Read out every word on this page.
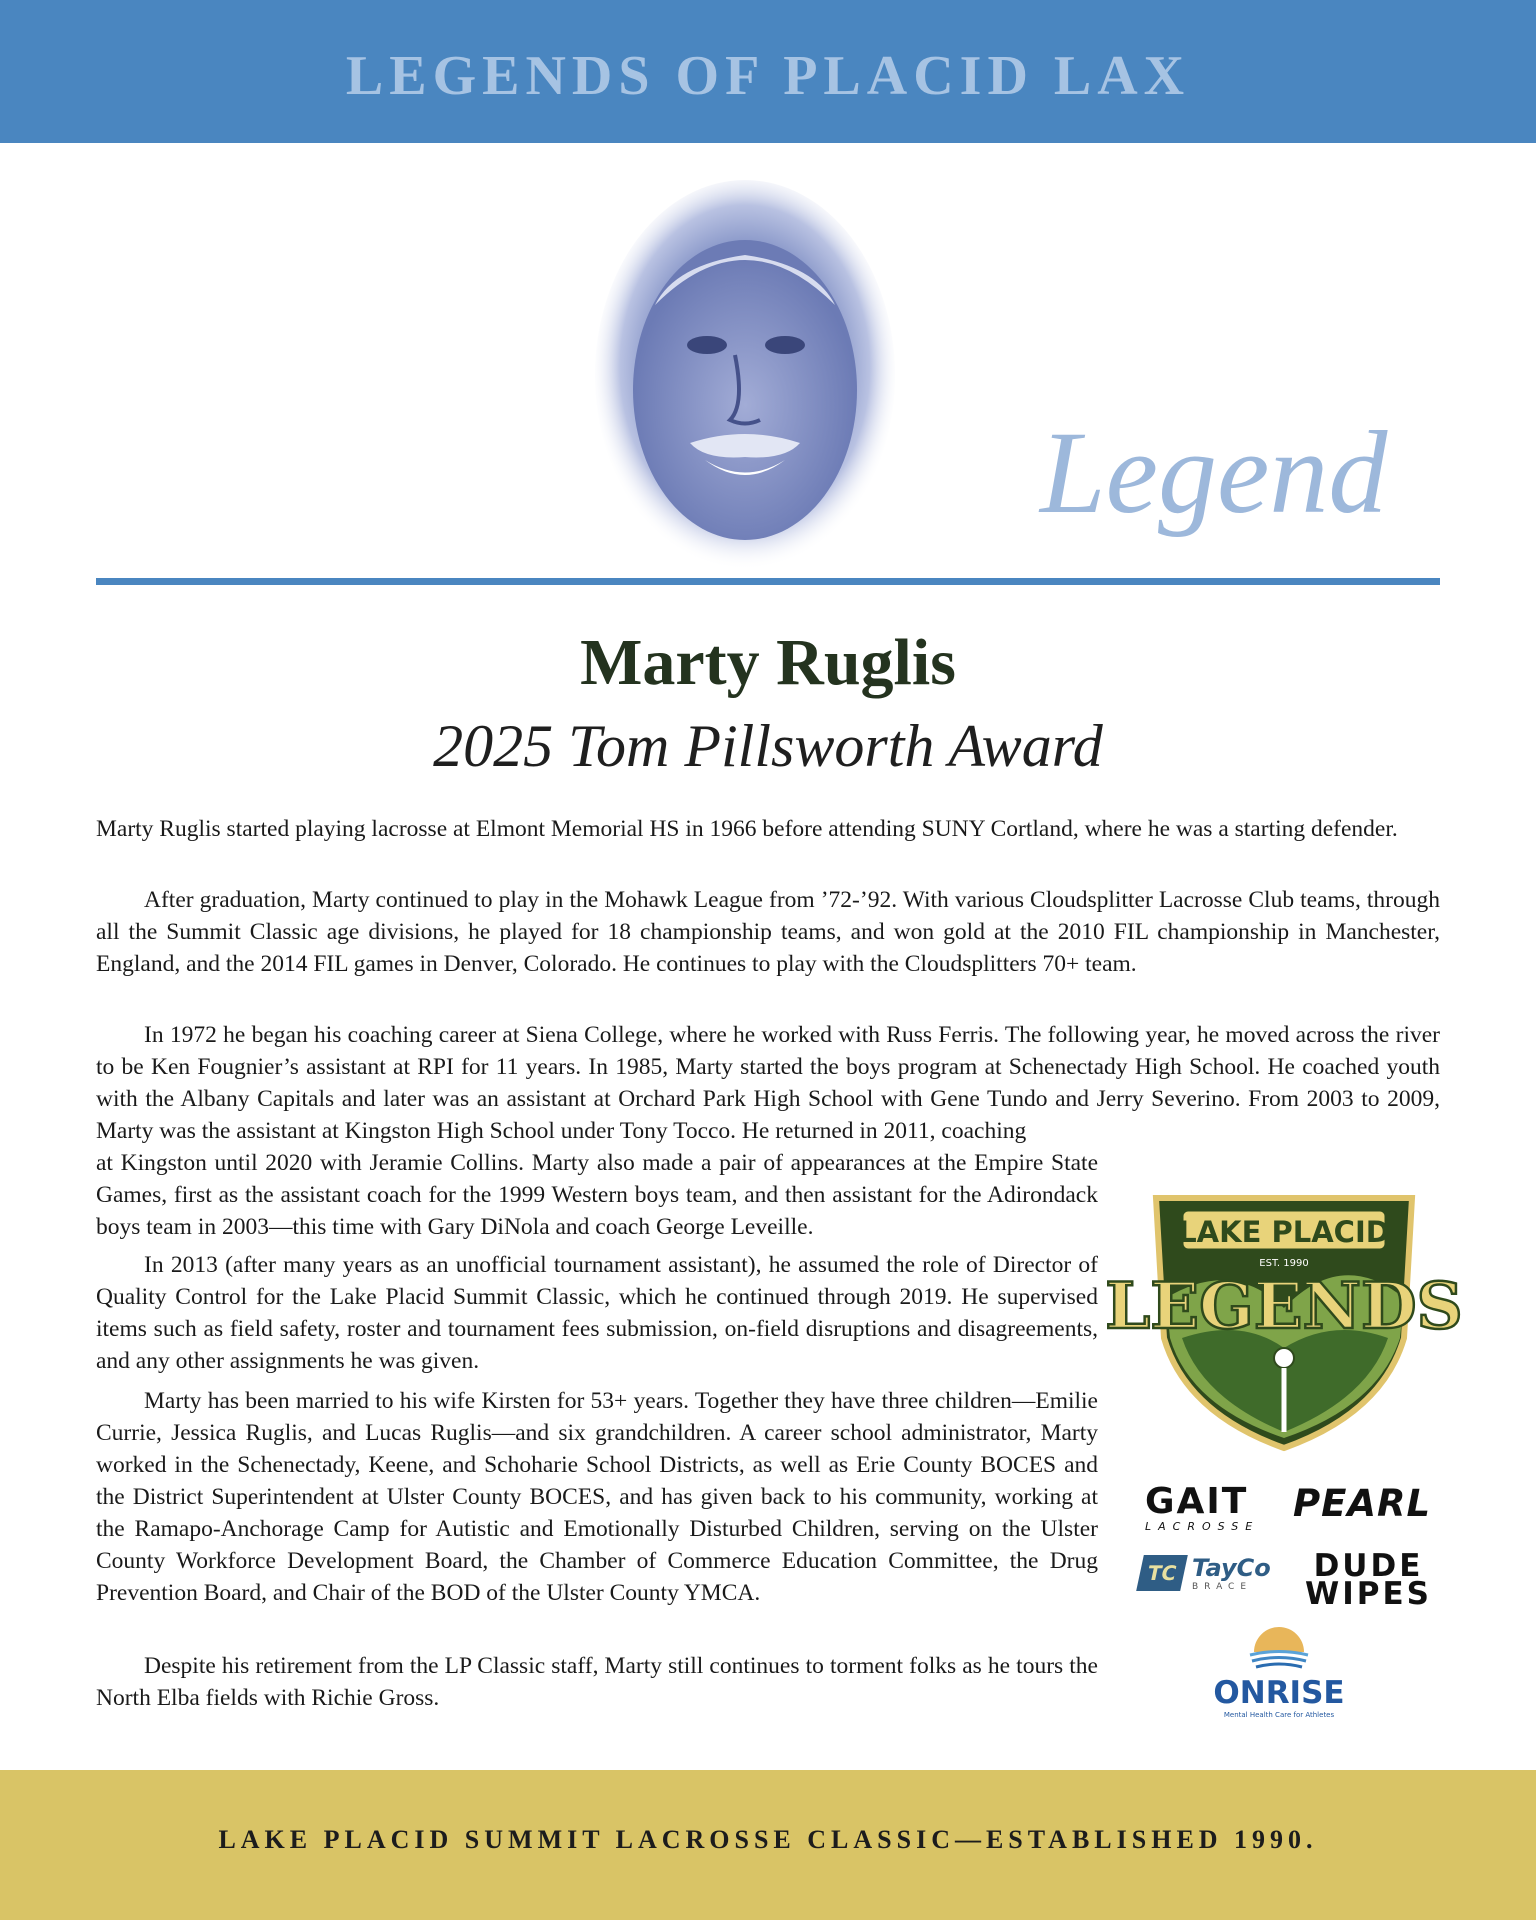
LEGENDS OF PLACID LAX
Legend
Marty Ruglis
2025 Tom Pillsworth Award

Marty Ruglis started playing lacrosse at Elmont Memorial HS in 1966 before attending SUNY Cortland, where he was a starting defender.

After graduation, Marty continued to play in the Mohawk League from ’72-’92. With various Cloudsplitter Lacrosse Club teams, through all the Summit Classic age divisions, he played for 18 championship teams, and won gold at the 2010 FIL championship in Manchester, England, and the 2014 FIL games in Denver, Colorado. He continues to play with the Cloudsplitters 70+ team.

In 1972 he began his coaching career at Siena College, where he worked with Russ Ferris. The following year, he moved across the river to be Ken Fougnier’s assistant at RPI for 11 years. In 1985, Marty started the boys program at Schenectady High School. He coached youth with the Albany Capitals and later was an assistant at Orchard Park High School with Gene Tundo and Jerry Severino. From 2003 to 2009, Marty was the assistant at Kingston High School under Tony Tocco. He returned in 2011, coaching

at Kingston until 2020 with Jeramie Collins. Marty also made a pair of appearances at the Empire State Games, first as the assistant coach for the 1999 Western boys team, and then assistant for the Adirondack boys team in 2003—this time with Gary DiNola and coach George Leveille.

In 2013 (after many years as an unofficial tournament assistant), he assumed the role of Director of Quality Control for the Lake Placid Summit Classic, which he continued through 2019. He supervised items such as field safety, roster and tournament fees submission, on-field disruptions and disagreements, and any other assignments he was given.

Marty has been married to his wife Kirsten for 53+ years. Together they have three children—Emilie Currie, Jessica Ruglis, and Lucas Ruglis—and six grandchildren. A career school administrator, Marty worked in the Schenectady, Keene, and Schoharie School Districts, as well as Erie County BOCES and the District Superintendent at Ulster County BOCES, and has given back to his community, working at the Ramapo-Anchorage Camp for Autistic and Emotionally Disturbed Children, serving on the Ulster County Workforce Development Board, the Chamber of Commerce Education Committee, the Drug Prevention Board, and Chair of the BOD of the Ulster County YMCA.

Despite his retirement from the LP Classic staff, Marty still continues to torment folks as he tours the North Elba fields with Richie Gross.

LAKE PLACID
EST. 1990
LEGENDS
GAIT
LACROSSE
PEARL
TC TayCo
BRACE
DUDE
WIPES
ONRISE
Mental Health Care for Athletes
LAKE PLACID SUMMIT LACROSSE CLASSIC—ESTABLISHED 1990.
